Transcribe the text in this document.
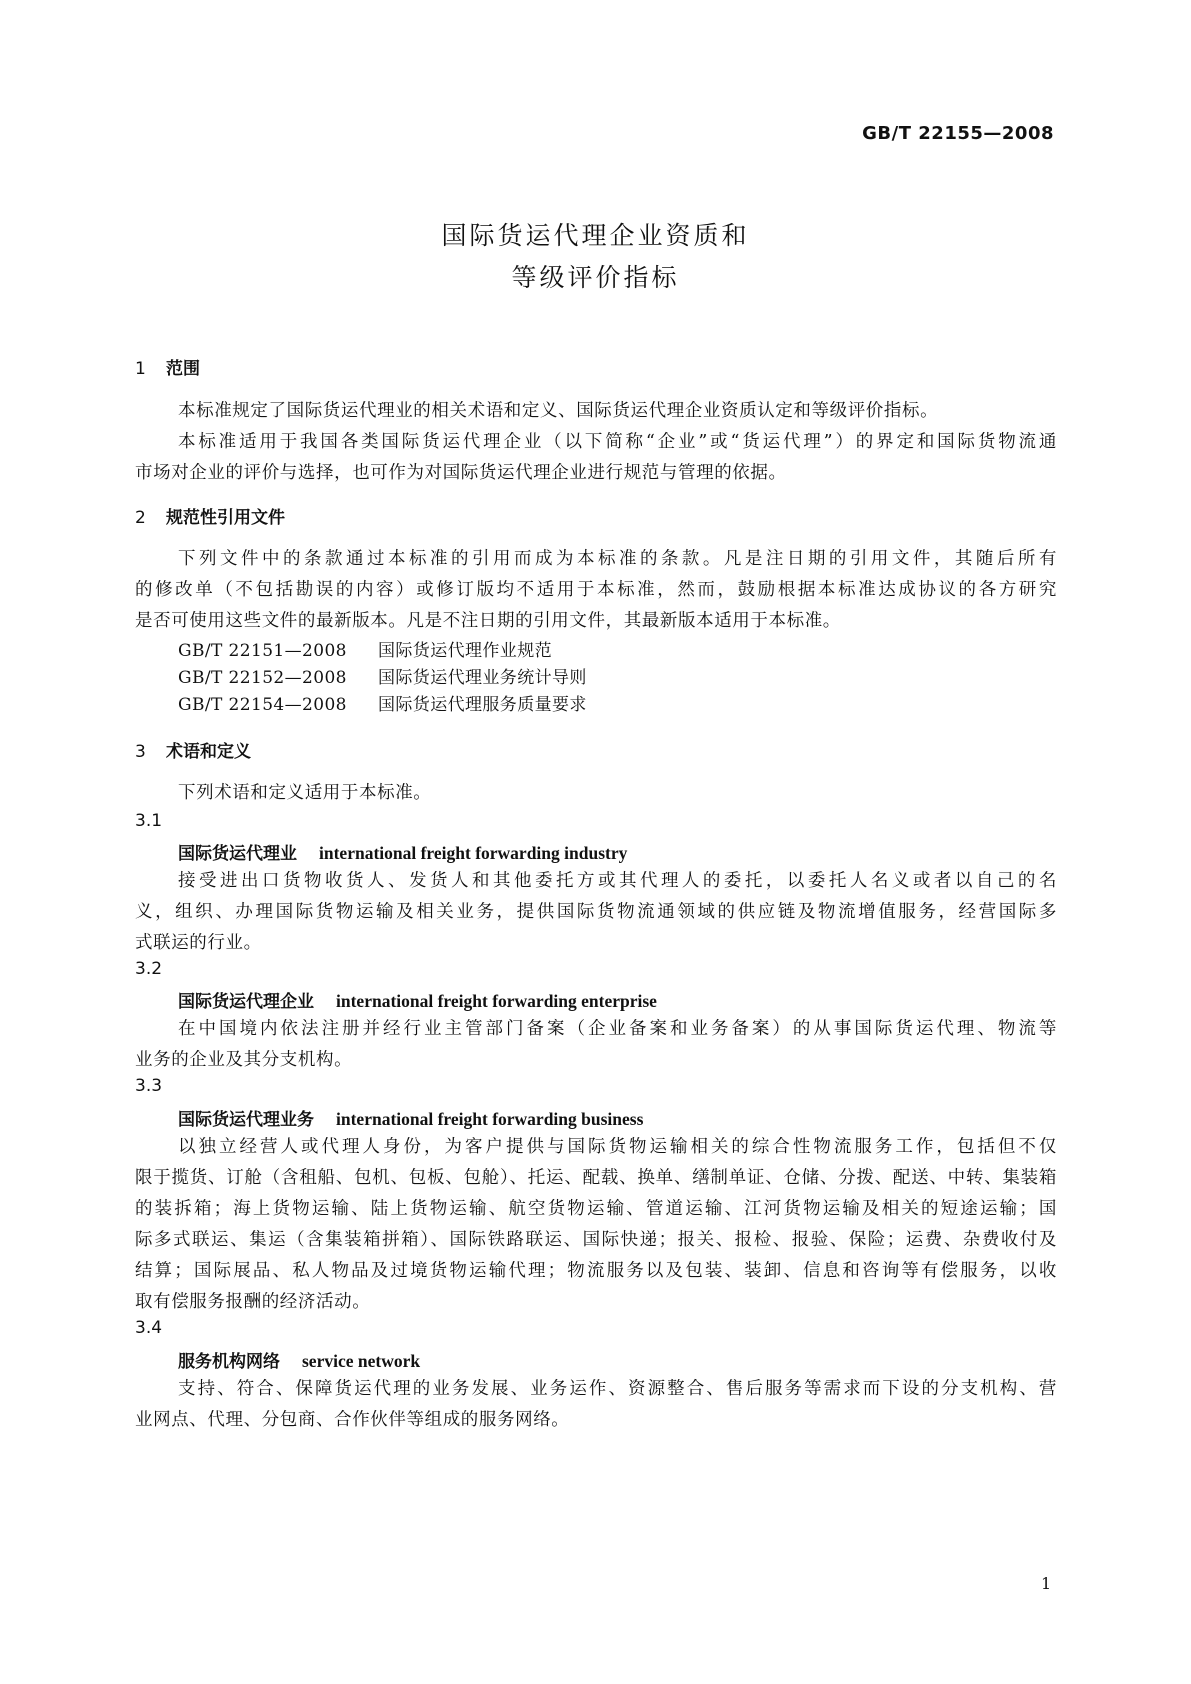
GB/T 22155—2008
国际货运代理企业资质和
等级评价指标
1 范围
本标准规定了国际货运代理业的相关术语和定义、国际货运代理企业资质认定和等级评价指标。
本标准适用于我国各类国际货运代理企业（以下简称“企业”或“货运代理”）的界定和国际货物流通
市场对企业的评价与选择，也可作为对国际货运代理企业进行规范与管理的依据。
2 规范性引用文件
下列文件中的条款通过本标准的引用而成为本标准的条款。凡是注日期的引用文件，其随后所有
的修改单（不包括勘误的内容）或修订版均不适用于本标准，然而，鼓励根据本标准达成协议的各方研究
是否可使用这些文件的最新版本。凡是不注日期的引用文件，其最新版本适用于本标准。
GB/T 22151—2008 国际货运代理作业规范
GB/T 22152—2008 国际货运代理业务统计导则
GB/T 22154—2008 国际货运代理服务质量要求
3 术语和定义
下列术语和定义适用于本标准。
3.1
国际货运代理业 international freight forwarding industry
接受进出口货物收货人、发货人和其他委托方或其代理人的委托，以委托人名义或者以自己的名
义，组织、办理国际货物运输及相关业务，提供国际货物流通领域的供应链及物流增值服务，经营国际多
式联运的行业。
3.2
国际货运代理企业 international freight forwarding enterprise
在中国境内依法注册并经行业主管部门备案（企业备案和业务备案）的从事国际货运代理、物流等
业务的企业及其分支机构。
3.3
国际货运代理业务 international freight forwarding business
以独立经营人或代理人身份，为客户提供与国际货物运输相关的综合性物流服务工作，包括但不仅
限于揽货、订舱（含租船、包机、包板、包舱）、托运、配载、换单、缮制单证、仓储、分拨、配送、中转、集装箱
的装拆箱；海上货物运输、陆上货物运输、航空货物运输、管道运输、江河货物运输及相关的短途运输；国
际多式联运、集运（含集装箱拼箱）、国际铁路联运、国际快递；报关、报检、报验、保险；运费、杂费收付及
结算；国际展品、私人物品及过境货物运输代理；物流服务以及包装、装卸、信息和咨询等有偿服务，以收
取有偿服务报酬的经济活动。
3.4
服务机构网络 service network
支持、符合、保障货运代理的业务发展、业务运作、资源整合、售后服务等需求而下设的分支机构、营
业网点、代理、分包商、合作伙伴等组成的服务网络。
1
